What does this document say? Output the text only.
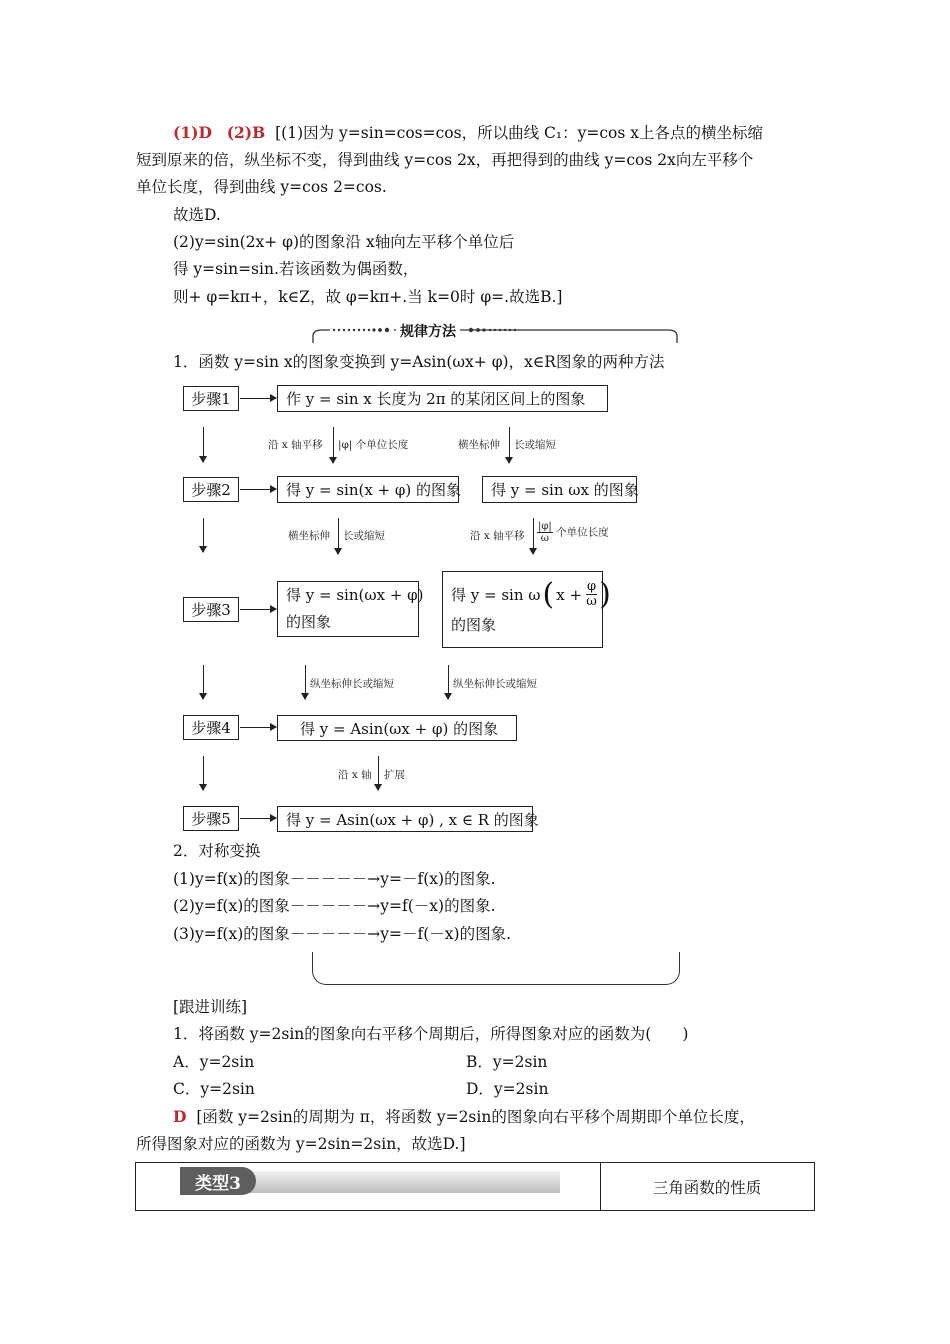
(1)D (2)B [(1)因为 y=sin=cos=cos，所以曲线 C₁：y=cos x上各点的横坐标缩
短到原来的倍，纵坐标不变，得到曲线 y=cos 2x，再把得到的曲线 y=cos 2x向左平移个
单位长度，得到曲线 y=cos 2=cos.
故选D.
(2)y=sin(2x+ φ)的图象沿 x轴向左平移个单位后
得 y=sin=sin.若该函数为偶函数，
则+ φ=kπ+，k∈Z，故 φ=kπ+.当 k=0时 φ=.故选B.]
规律方法
1．函数 y=sin x的图象变换到 y=Asin(ωx+ φ)，x∈R图象的两种方法
步骤1
步骤2
步骤3
步骤4
步骤5
作 y = sin x 长度为 2π 的某闭区间上的图象
得 y = sin(x + φ) 的图象	得 y = sin ωx 的图象
得 y = sin(ωx + φ)
的图象
得 y = sin ω ( $x + \frac{\varphi}{\omega}$ )
的图象
得 y = Asin(ωx + φ) 的图象
得 y = Asin(ωx + φ) , x ∈ R 的图象
沿 x 轴平移 |φ| 个单位长度	横坐标伸 长或缩短
横坐标伸 长或缩短	沿 x 轴平移 $\frac{|\varphi|}{\omega}$ 个单位长度
纵坐标伸长或缩短	纵坐标伸长或缩短
沿 x 轴 扩展
2．对称变换
(1)y=f(x)的图象－－－－－→y=－f(x)的图象.
(2)y=f(x)的图象－－－－－→y=f(－x)的图象.
(3)y=f(x)的图象－－－－－→y=－f(－x)的图象.
[跟进训练]
1．将函数 y=2sin的图象向右平移个周期后，所得图象对应的函数为(　　)
A．y=2sin	B．y=2sin
C．y=2sin	D．y=2sin
D [函数 y=2sin的周期为 π，将函数 y=2sin的图象向右平移个周期即个单位长度，
所得图象对应的函数为 y=2sin=2sin，故选D.]
类型3	三角函数的性质
